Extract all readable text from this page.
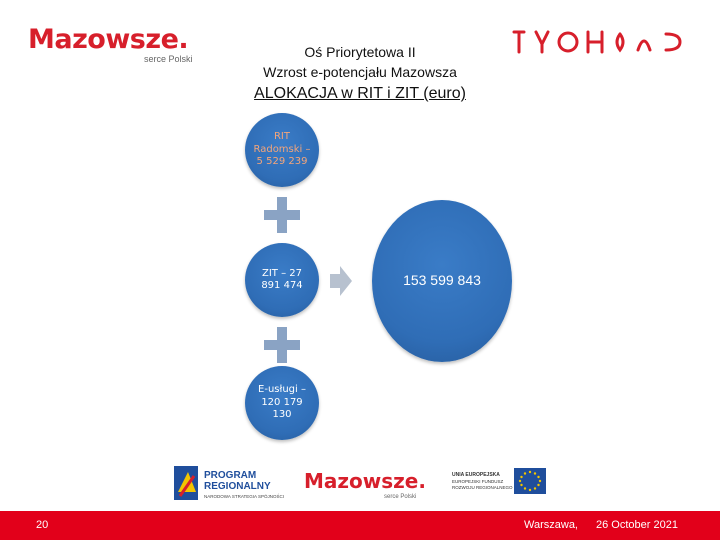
Mazowsze.
serce Polski	Oś Priorytetowa II
Wzrost e-potencjału Mazowsza
ALOKACJA w RIT i ZIT (euro)
RIT Radomski – 5 529 239
ZIT – 27 891 474
E-usługi – 120 179 130
153 599 843
PROGRAM
REGIONALNY
NARODOWA STRATEGIA SPÓJNOŚCI
Mazowsze.
serce Polski
UNIA EUROPEJSKA
EUROPEJSKI FUNDUSZ
ROZWOJU REGIONALNEGO
20	Warszawa, 26 October 2021
